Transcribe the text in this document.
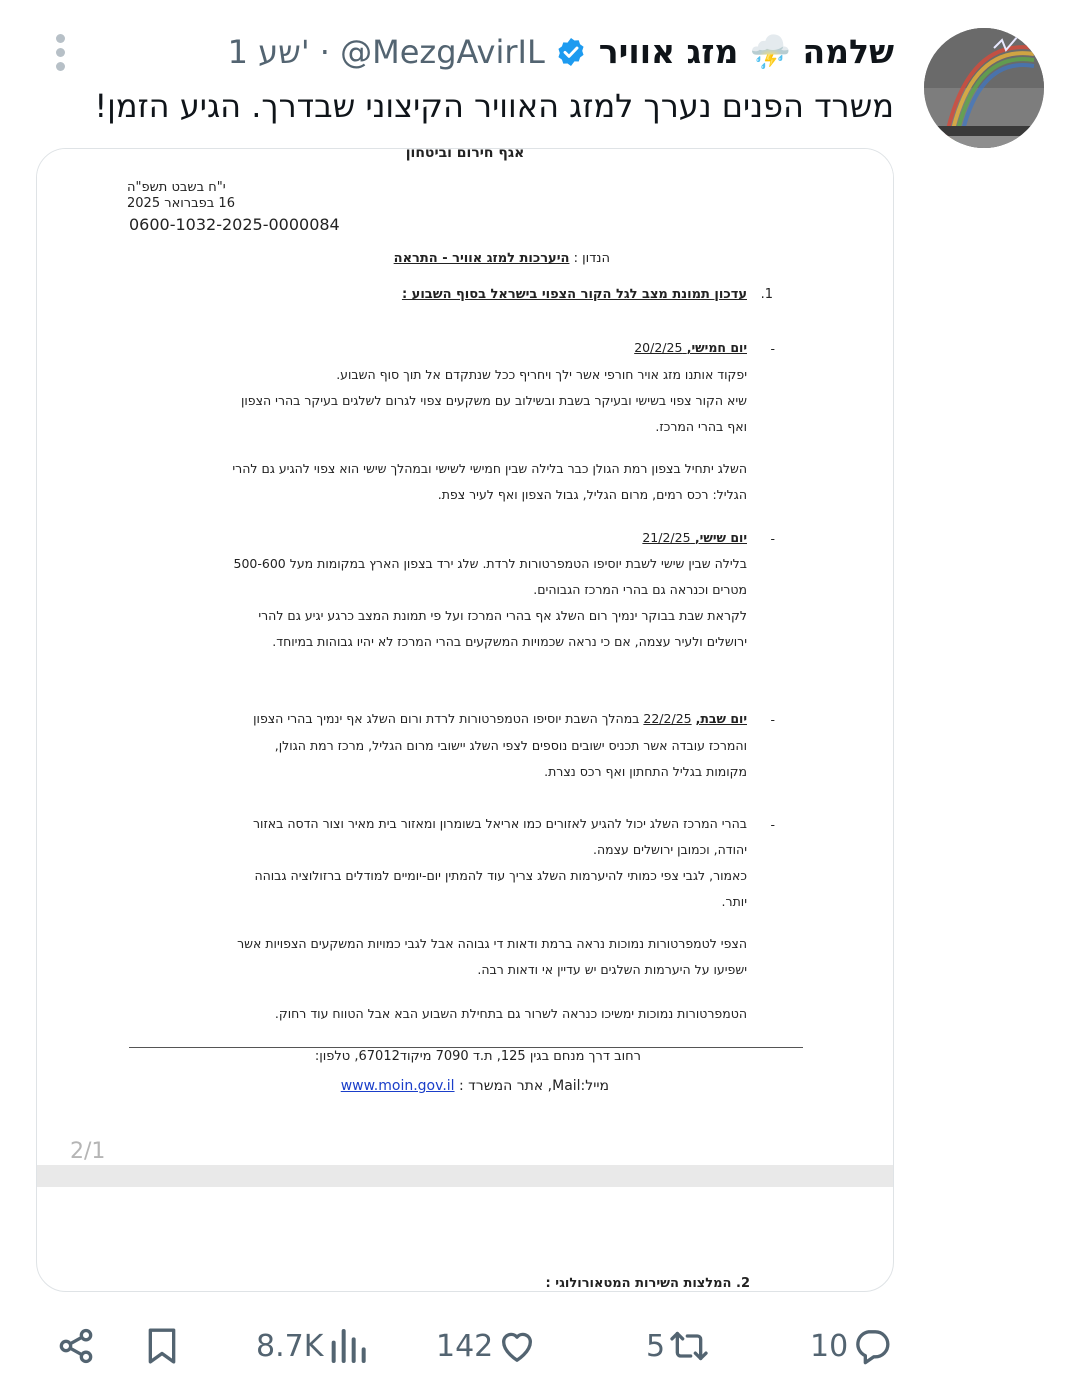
שלמה ⛈️ מזג אוויר
1 שע' · @MezgAvirIL
משרד הפנים נערך למזג האוויר הקיצוני שבדרך. הגיע הזמן!
אגף חירום וביטחון
י"ח בשבט תשפ"ה
16 בפברואר 2025
0600-1032-2025-0000084
הנדון : היערכות למזג אוויר - התראה
1.
עדכון תמונת מצב לגל הקור הצפוי בישראל בסוף השבוע :
-
יום חמישי, 20/2/25
יפקוד אותנו מזג אויר חורפי אשר ילך ויחריף ככל שנתקדם אל תוך סוף השבוע.
שיא הקור צפוי בשישי ובעיקר בשבת ובשילוב עם משקעים צפוי לגרום לשלגים בעיקר בהרי הצפון
ואף בהרי המרכז.
השלג יתחיל בצפון רמת הגולן כבר בלילה שבין חמישי לשישי ובמהלך שישי הוא צפוי להגיע גם להרי
הגליל: רכס רמים, מרום הגליל, גבול הצפון ואף לעיר צפת.
-
יום שישי, 21/2/25
בלילה שבין שישי לשבת יוסיפו הטמפרטורות לרדת. שלג ירד בצפון הארץ במקומות מעל 500-600
מטרים וכנראה גם בהרי המרכז הגבוהים.
לקראת שבת בבוקר ינמיך רום השלג אף בהרי המרכז ועל פי תמונת המצב כרגע יגיע גם להרי
ירושלים ולעיר עצמה, אם כי נראה שכמויות המשקעים בהרי המרכז לא יהיו גבוהות במיוחד.
-
יום שבת, 22/2/25 במהלך השבת יוסיפו הטמפרטורות לרדת ורום השלג אף ינמיך בהרי הצפון
והמרכז עובדה אשר תכניס ישובים נוספים לצפי השלג יישובי מרום הגליל, מרכז רמת הגולן,
מקומות בגליל התחתון ואף רכס נצרת.
-
בהרי המרכז השלג יכול להגיע לאזורים כמו אריאל בשומרון ומאזור בית מאיר וצור הדסה באזור
יהודה, וכמובן ירושלים עצמה.
כאמור, לגבי צפי כמותי להיערמות השלג צריך עוד להמתין יום-יומיים למודלים ברזולוציה גבוהה
יותר.
הצפי לטמפרטורות נמוכות נראה ברמת ודאות די גבוהה אבל לגבי כמויות המשקעים הצפויות אשר
ישפיעו על היערמות השלגים יש עדיין אי ודאות רבה.
הטמפרטורות נמוכות ימשיכו כנראה לשרור גם בתחילת השבוע הבא אבל הטווח עוד רחוק.
רחוב דרך מנחם בגין 125, ת.ד 7090 מיקוד67012, טלפון:
מייל:Mail, אתר המשרד : www.moin.gov.il
2/1
2. המלצות השירות המטאורולוגי :
8.7K	142	5	10
